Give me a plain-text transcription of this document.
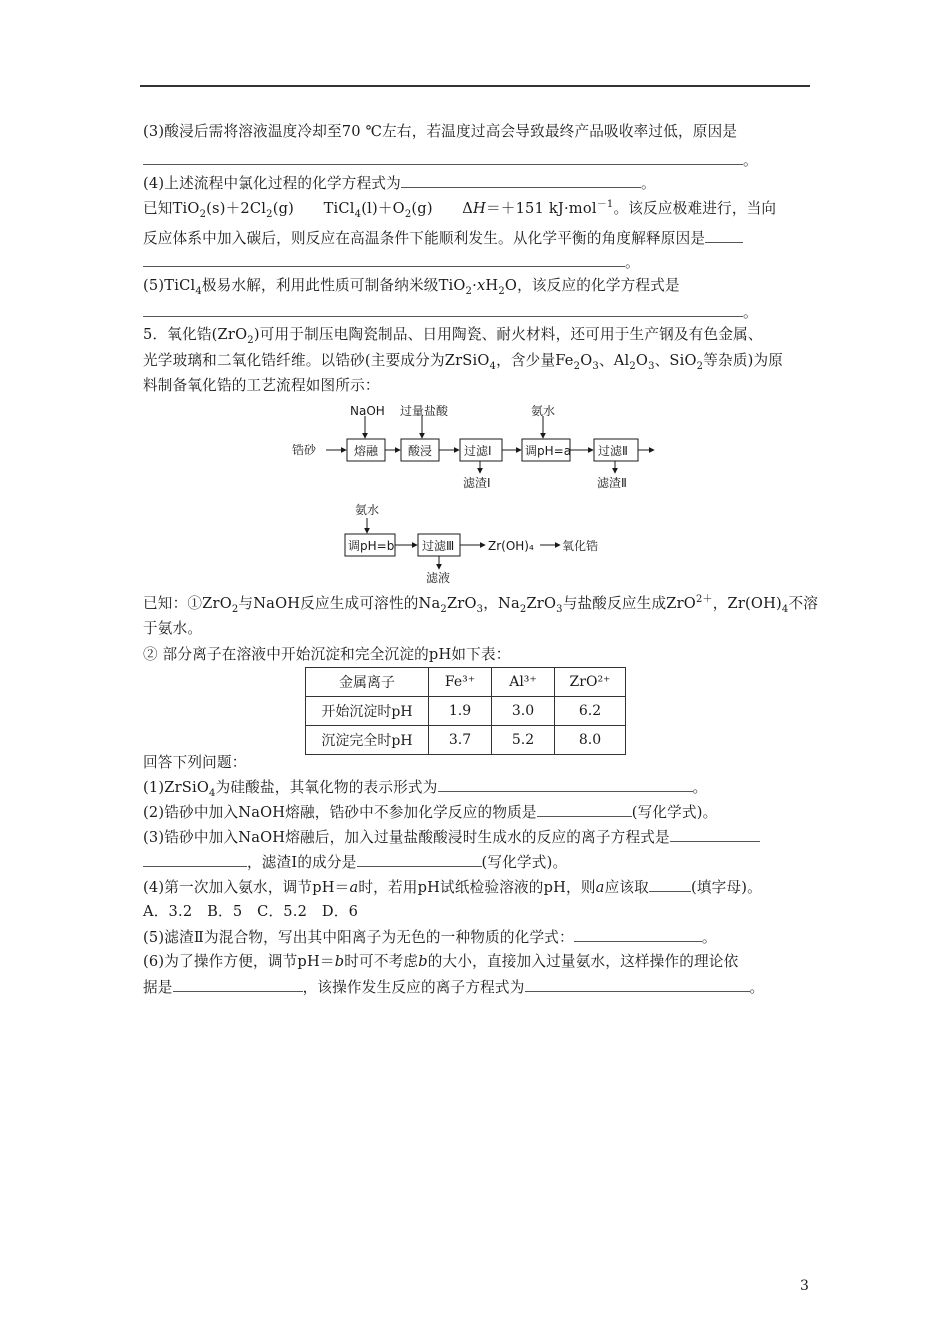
(3)酸浸后需将溶液温度冷却至70 ℃左右，若温度过高会导致最终产品吸收率过低，原因是
。
(4)上述流程中氯化过程的化学方程式为	。
已知$TiO_2(s)+2Cl_2(g)$　　$TiCl_4(l)+O_2(g)$　　ΔH＝＋151 kJ·mol$^{-1}$。该反应极难进行，当向
反应体系中加入碳后，则反应在高温条件下能顺利发生。从化学平衡的角度解释原因是
。
(5)TiCl$_4$极易水解，利用此性质可制备纳米级$TiO_2\cdot xH_2O$，该反应的化学方程式是
。
5．氧化锆(ZrO$_2$)可用于制压电陶瓷制品、日用陶瓷、耐火材料，还可用于生产钢及有色金属、
光学玻璃和二氧化锆纤维。以锆砂(主要成分为ZrSiO$_4$，含少量$Fe_2O_3$、$Al_2O_3$、SiO$_2$等杂质)为原
料制备氧化锆的工艺流程如图所示：
锆砂
NaOH 过量盐酸	氨水
熔融 酸浸	过滤Ⅰ	调pH=a 过滤Ⅱ
滤渣Ⅰ	滤渣Ⅱ
氨水
调pH=b 过滤Ⅲ	Zr(OH)₄ 氧化锆
滤液
已知：①ZrO$_2$与NaOH反应生成可溶性的$Na_2ZrO_3$，$Na_2ZrO_3$与盐酸反应生成ZrO$^{2+}$，$Zr(OH)_4$不溶
于氨水。
② 部分离子在溶液中开始沉淀和完全沉淀的pH如下表：
金属离子	Fe³⁺	Al³⁺	ZrO²⁺
开始沉淀时pH	1.9	3.0	6.2
沉淀完全时pH	3.7	5.2	8.0
回答下列问题：
(1)ZrSiO$_4$为硅酸盐，其氧化物的表示形式为	。
(2)锆砂中加入NaOH熔融，锆砂中不参加化学反应的物质是	(写化学式)。
(3)锆砂中加入NaOH熔融后，加入过量盐酸酸浸时生成水的反应的离子方程式是
，滤渣Ⅰ的成分是	(写化学式)。
(4)第一次加入氨水，调节pH＝a时，若用pH试纸检验溶液的pH，则a应该取	(填字母)。
A．3.2　B．5　C．5.2　D．6
(5)滤渣Ⅱ为混合物，写出其中阳离子为无色的一种物质的化学式：	。
(6)为了操作方便，调节pH＝b时可不考虑b的大小，直接加入过量氨水，这样操作的理论依
据是	，该操作发生反应的离子方程式为	。
3
